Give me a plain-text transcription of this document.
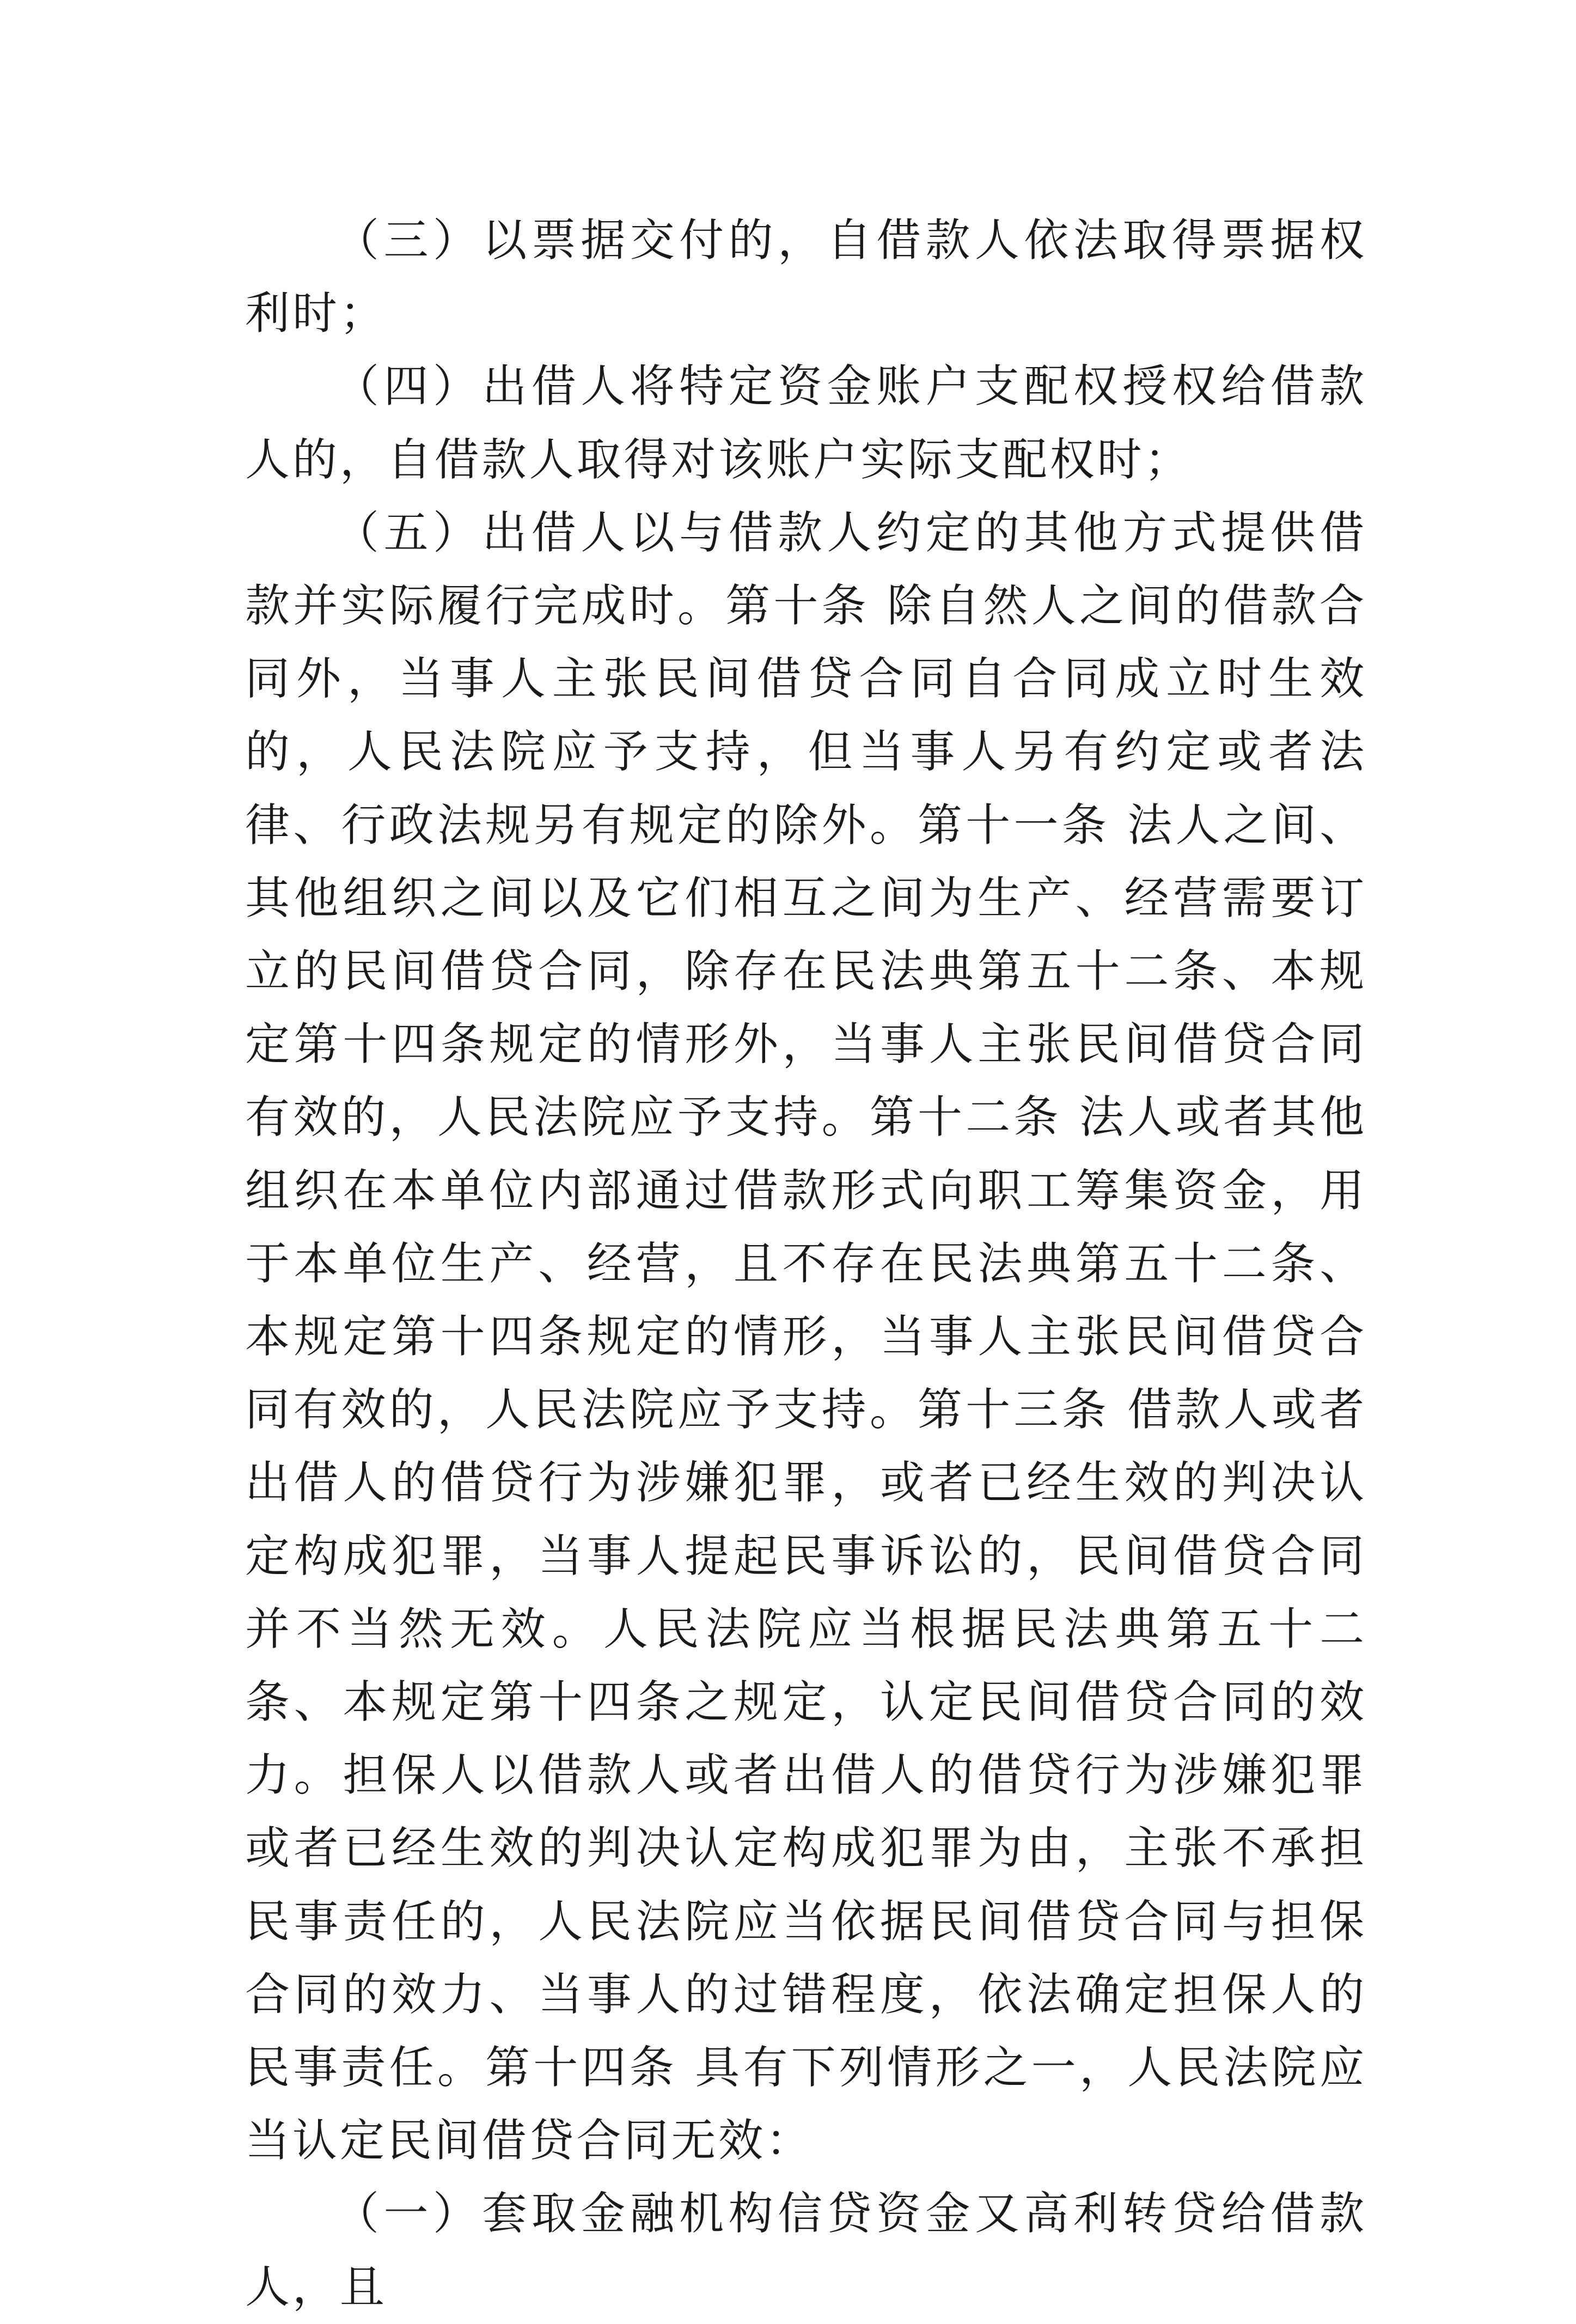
（三）以票据交付的，自借款人依法取得票据权利时；

（四）出借人将特定资金账户支配权授权给借款人的，自借款人取得对该账户实际支配权时；

（五）出借人以与借款人约定的其他方式提供借款并实际履行完成时。第十条 除自然人之间的借款合同外，当事人主张民间借贷合同自合同成立时生效的，人民法院应予支持，但当事人另有约定或者法律、行政法规另有规定的除外。第十一条 法人之间、其他组织之间以及它们相互之间为生产、经营需要订立的民间借贷合同，除存在民法典第五十二条、本规定第十四条规定的情形外，当事人主张民间借贷合同有效的，人民法院应予支持。第十二条 法人或者其他组织在本单位内部通过借款形式向职工筹集资金，用于本单位生产、经营，且不存在民法典第五十二条、本规定第十四条规定的情形，当事人主张民间借贷合同有效的，人民法院应予支持。第十三条 借款人或者出借人的借贷行为涉嫌犯罪，或者已经生效的判决认定构成犯罪，当事人提起民事诉讼的，民间借贷合同并不当然无效。人民法院应当根据民法典第五十二条、本规定第十四条之规定，认定民间借贷合同的效力。担保人以借款人或者出借人的借贷行为涉嫌犯罪或者已经生效的判决认定构成犯罪为由，主张不承担民事责任的，人民法院应当依据民间借贷合同与担保合同的效力、当事人的过错程度，依法确定担保人的民事责任。第十四条 具有下列情形之一，人民法院应当认定民间借贷合同无效：

（一）套取金融机构信贷资金又高利转贷给借款人，且
